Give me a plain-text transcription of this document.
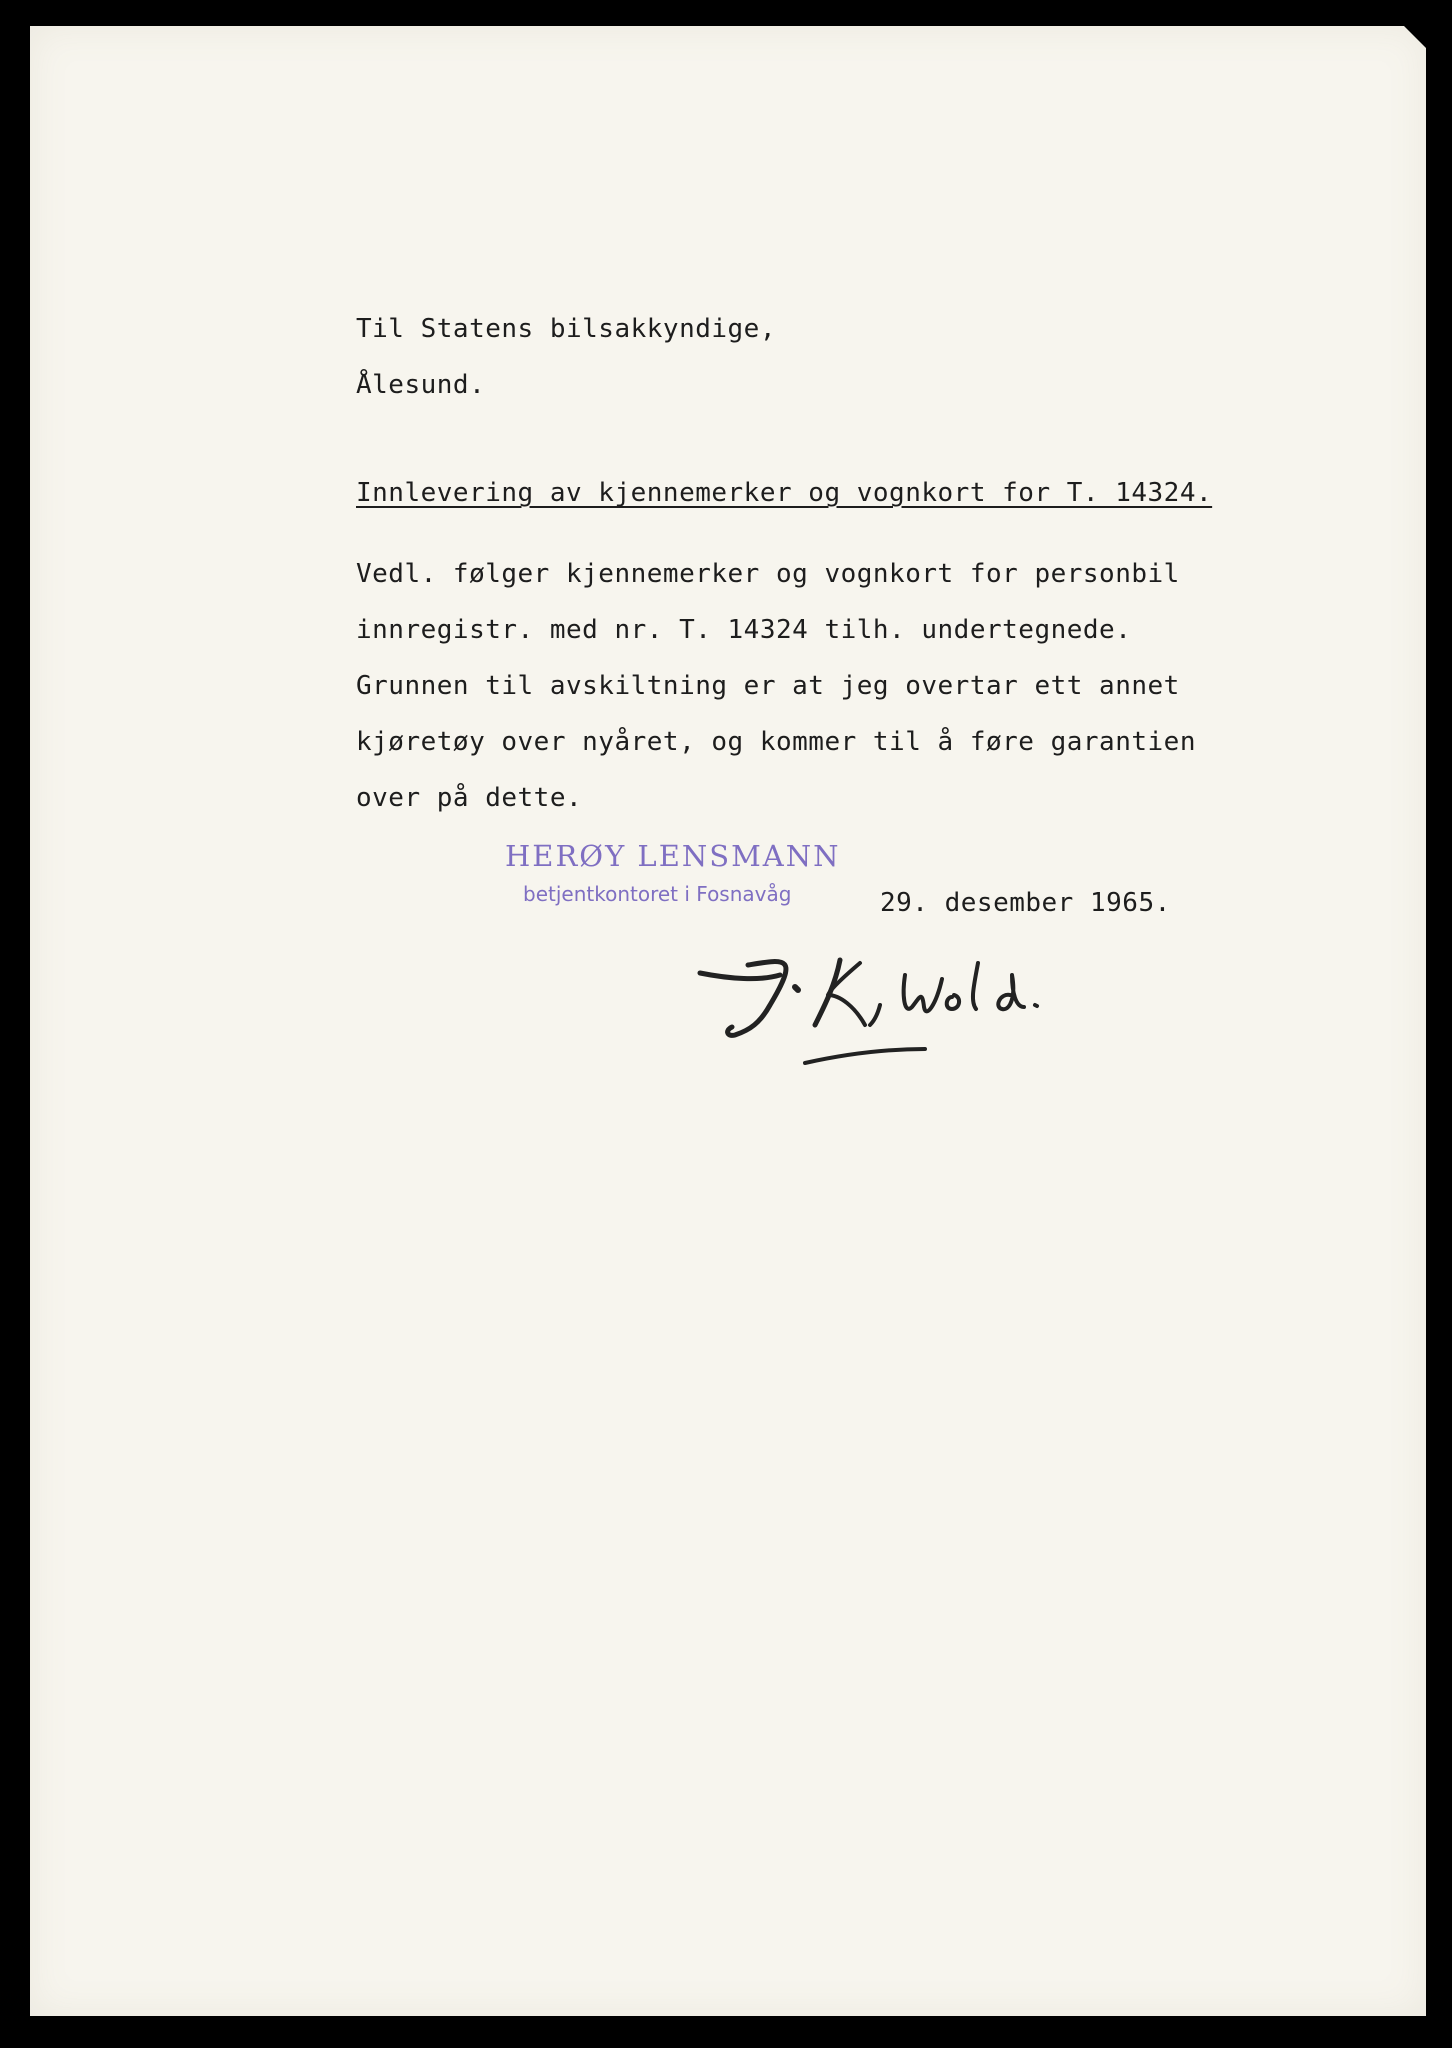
Til Statens bilsakkyndige,

Ålesund.

Innlevering av kjennemerker og vognkort for T. 14324.
Vedl. følger kjennemerker og vognkort for personbil
innregistr. med nr. T. 14324 tilh. undertegnede.
Grunnen til avskiltning er at jeg overtar ett annet
kjøretøy over nyåret, og kommer til å føre garantien
over på dette.
HERØY LENSMANN
betjentkontoret i Fosnavåg	29. desember 1965.
